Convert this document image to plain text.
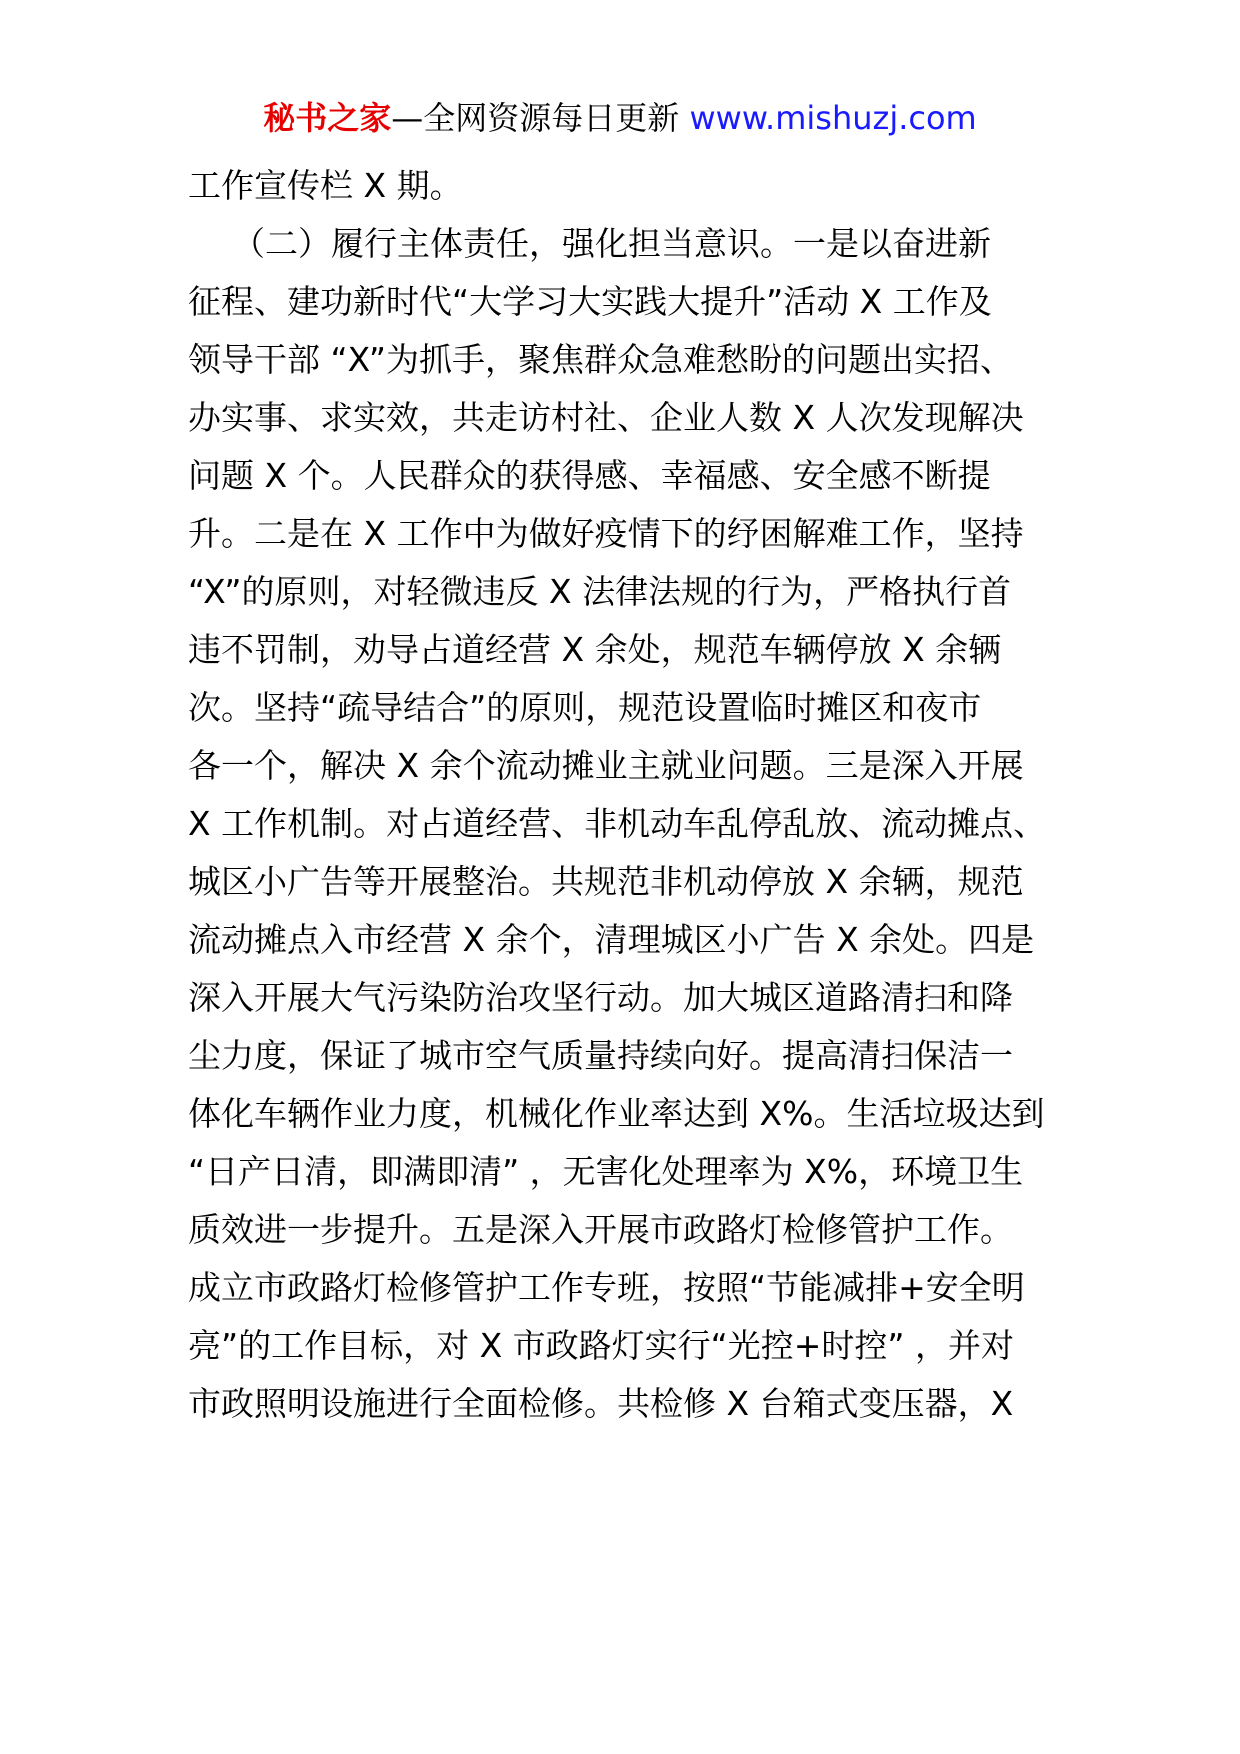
秘书之家—全网资源每日更新 www.mishuzj.com
工作宣传栏 X 期。
（二）履行主体责任，强化担当意识。一是以奋进新
征程、建功新时代“大学习大实践大提升”活动 X 工作及
领导干部 “X”为抓手，聚焦群众急难愁盼的问题出实招、
办实事、求实效，共走访村社、企业人数 X 人次发现解决
问题 X 个。人民群众的获得感、幸福感、安全感不断提
升。二是在 X 工作中为做好疫情下的纾困解难工作，坚持
“X”的原则，对轻微违反 X 法律法规的行为，严格执行首
违不罚制，劝导占道经营 X 余处，规范车辆停放 X 余辆
次。坚持“疏导结合”的原则，规范设置临时摊区和夜市
各一个，解决 X 余个流动摊业主就业问题。三是深入开展
X 工作机制。对占道经营、非机动车乱停乱放、流动摊点、
城区小广告等开展整治。共规范非机动停放 X 余辆，规范
流动摊点入市经营 X 余个，清理城区小广告 X 余处。四是
深入开展大气污染防治攻坚行动。加大城区道路清扫和降
尘力度，保证了城市空气质量持续向好。提高清扫保洁一
体化车辆作业力度，机械化作业率达到 X%。生活垃圾达到
“日产日清，即满即清” ，无害化处理率为 X%，环境卫生
质效进一步提升。五是深入开展市政路灯检修管护工作。
成立市政路灯检修管护工作专班，按照“节能减排+安全明
亮”的工作目标，对 X 市政路灯实行“光控+时控” ，并对
市政照明设施进行全面检修。共检修 X 台箱式变压器，X
